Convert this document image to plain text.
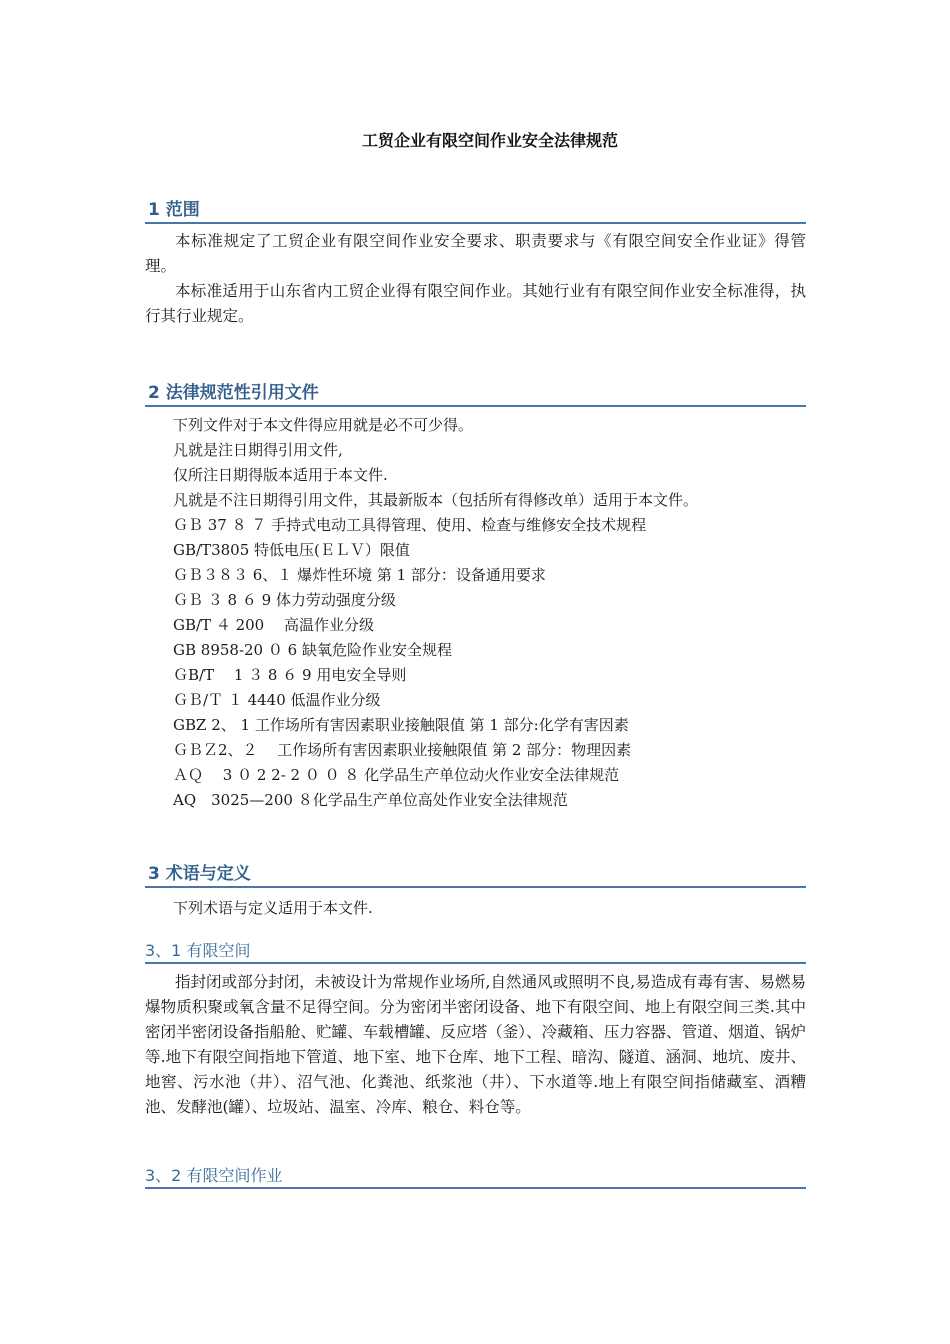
工贸企业有限空间作业安全法律规范
1 范围

本标准规定了工贸企业有限空间作业安全要求、职责要求与《有限空间安全作业证》得管理。

本标准适用于山东省内工贸企业得有限空间作业。其她行业有有限空间作业安全标准得，执行其行业规定。

2 法律规范性引用文件

下列文件对于本文件得应用就是必不可少得。

凡就是注日期得引用文件,

仅所注日期得版本适用于本文件.

凡就是不注日期得引用文件，其最新版本（包括所有得修改单）适用于本文件。

ＧＢ 37 ８ ７ 手持式电动工具得管理、使用、检查与维修安全技术规程

GB/T3805 特低电压(ＥＬＶ）限值

ＧＢ３８３ 6、１ 爆炸性环境 第 1 部分：设备通用要求

ＧＢ ３ 8 ６ 9 体力劳动强度分级

GB/T ４ 200　 高温作业分级

GB 8958-20 ０ 6 缺氧危险作业安全规程

ＧB/T　 1 ３ 8 ６ 9 用电安全导则

ＧＢ/Ｔ １ 4440 低温作业分级

GBZ 2、 1 工作场所有害因素职业接触限值 第 1 部分:化学有害因素

ＧＢＺ2、２　 工作场所有害因素职业接触限值 第 2 部分：物理因素

ＡＱ　 3 ０ 2 2- 2 ０ ０ ８ 化学品生产单位动火作业安全法律规范

AQ　3025—200 ８化学品生产单位高处作业安全法律规范

3 术语与定义

下列术语与定义适用于本文件.

3、1 有限空间

指封闭或部分封闭，未被设计为常规作业场所,自然通风或照明不良,易造成有毒有害、易燃易爆物质积聚或氧含量不足得空间。分为密闭半密闭设备、地下有限空间、地上有限空间三类.其中密闭半密闭设备指船舱、贮罐、车载槽罐、反应塔（釜）、冷藏箱、压力容器、管道、烟道、锅炉等.地下有限空间指地下管道、地下室、地下仓库、地下工程、暗沟、隧道、涵洞、地坑、废井、地窖、污水池（井）、沼气池、化粪池、纸浆池（井）、下水道等.地上有限空间指储藏室、酒糟池、发酵池(罐）、垃圾站、温室、冷库、粮仓、料仓等。

3、2 有限空间作业
